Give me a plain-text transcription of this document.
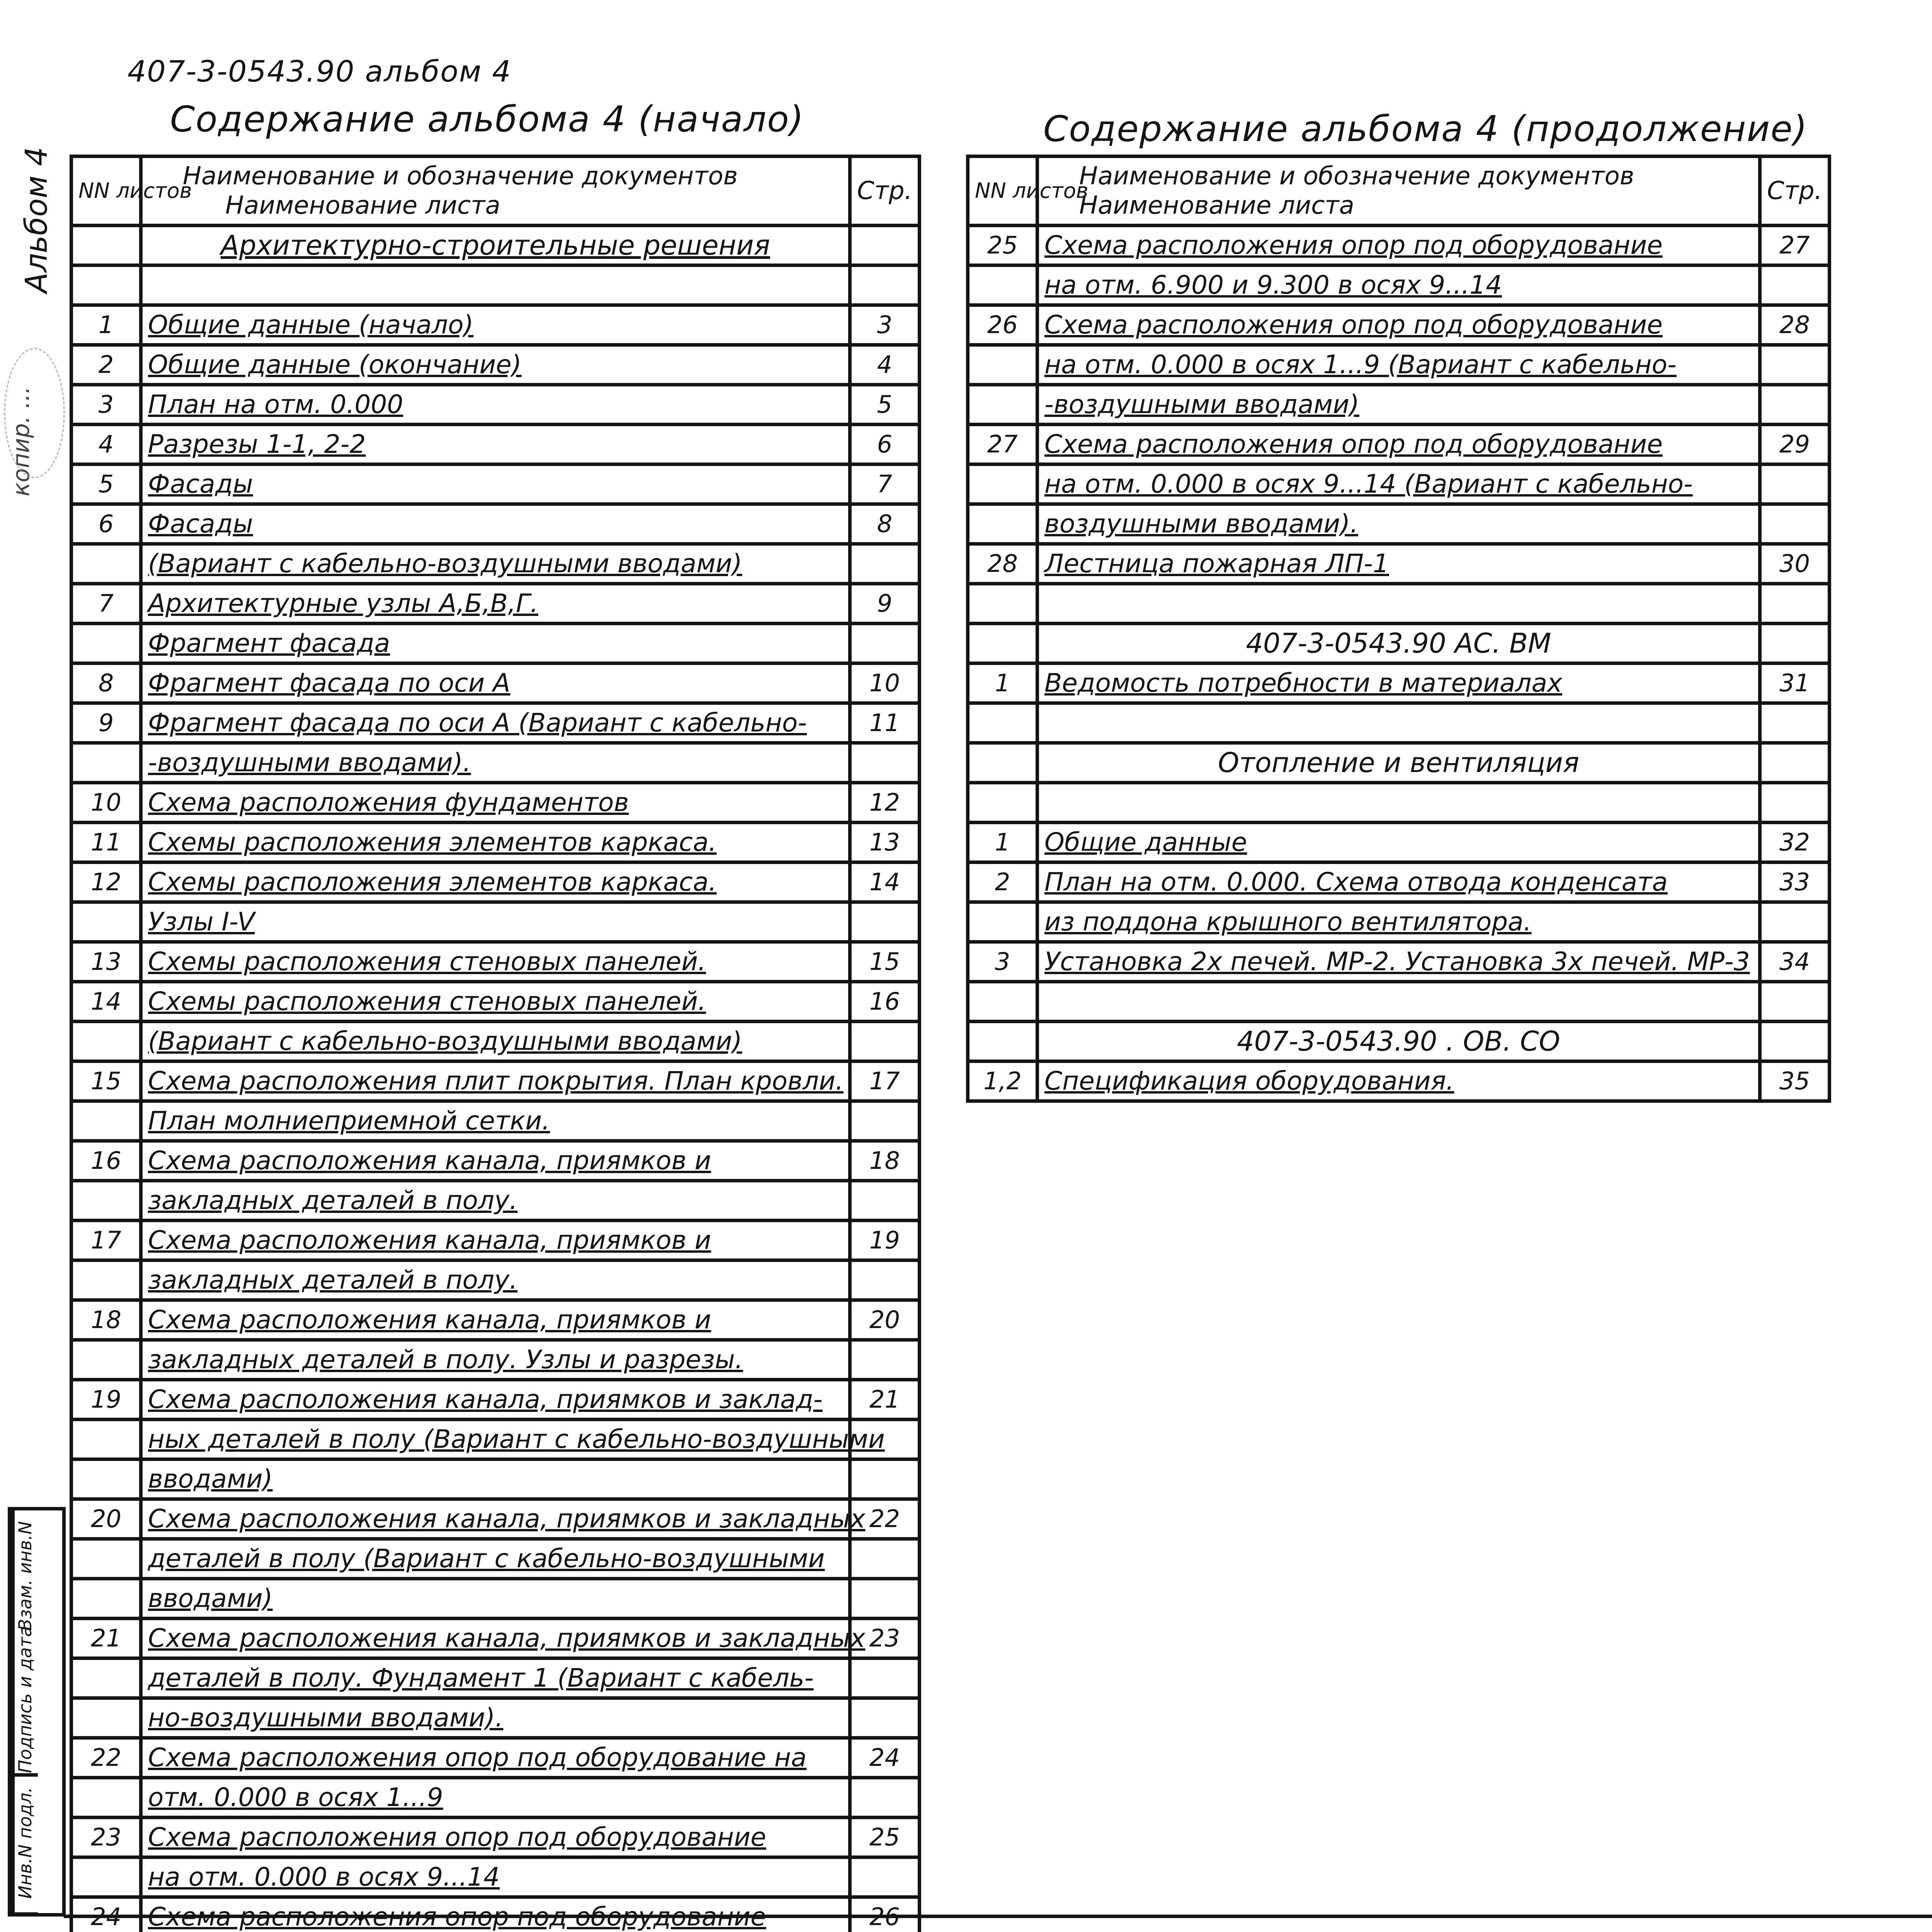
407-3-0543.90 альбом 4
Содержание альбома 4 (начало)	Содержание альбома 4 (продолжение)
Альбом 4
копир. ...
Взам. инв.N
Подпись и дата
Инв.N подл.
NN листов	Наименование и обозначение документов
Наименование листа	Стр.
	Архитектурно-строительные решения	

1	Общие данные (начало)	3
2	Общие данные (окончание)	4
3	План на отм. 0.000	5
4	Разрезы 1-1, 2-2	6
5	Фасады	7
6	Фасады	8
	(Вариант с кабельно-воздушными вводами)	
7	Архитектурные узлы А,Б,В,Г.	9
	Фрагмент фасада	
8	Фрагмент фасада по оси А	10
9	Фрагмент фасада по оси А (Вариант с кабельно-	11
	-воздушными вводами).	
10	Схема расположения фундаментов	12
11	Схемы расположения элементов каркаса.	13
12	Схемы расположения элементов каркаса.	14
	Узлы I-V	
13	Схемы расположения стеновых панелей.	15
14	Схемы расположения стеновых панелей.	16
	(Вариант с кабельно-воздушными вводами)	
15	Схема расположения плит покрытия. План кровли.	17
	План молниеприемной сетки.	
16	Схема расположения канала, приямков и	18
	закладных деталей в полу.	
17	Схема расположения канала, приямков и	19
	закладных деталей в полу.	
18	Схема расположения канала, приямков и	20
	закладных деталей в полу. Узлы и разрезы.	
19	Схема расположения канала, приямков и заклад-	21
	ных деталей в полу (Вариант с кабельно-воздушными	
	вводами)	
20	Схема расположения канала, приямков и закладных	22
	деталей в полу (Вариант с кабельно-воздушными	
	вводами)	
21	Схема расположения канала, приямков и закладных	23
	деталей в полу. Фундамент 1 (Вариант с кабель-	
	но-воздушными вводами).	
22	Схема расположения опор под оборудование на	24
	отм. 0.000 в осях 1...9	
23	Схема расположения опор под оборудование	25
	на отм. 0.000 в осях 9...14	
24	Схема расположения опор под оборудование	26

NN листов	Наименование и обозначение документов
Наименование листа	Стр.
25	Схема расположения опор под оборудование	27
	на отм. 6.900 и 9.300 в осях 9...14	
26	Схема расположения опор под оборудование	28
	на отм. 0.000 в осях 1...9 (Вариант с кабельно-	
	-воздушными вводами)	
27	Схема расположения опор под оборудование	29
	на отм. 0.000 в осях 9...14 (Вариант с кабельно-	
	воздушными вводами).	
28	Лестница пожарная ЛП-1	30

	407-3-0543.90 АС. ВМ	
1	Ведомость потребности в материалах	31

	Отопление и вентиляция	

1	Общие данные	32
2	План на отм. 0.000. Схема отвода конденсата	33
	из поддона крышного вентилятора.	
3	Установка 2х печей. МР-2. Установка 3х печей. МР-3	34

	407-3-0543.90 . ОВ. СО	
1,2	Спецификация оборудования.	35
